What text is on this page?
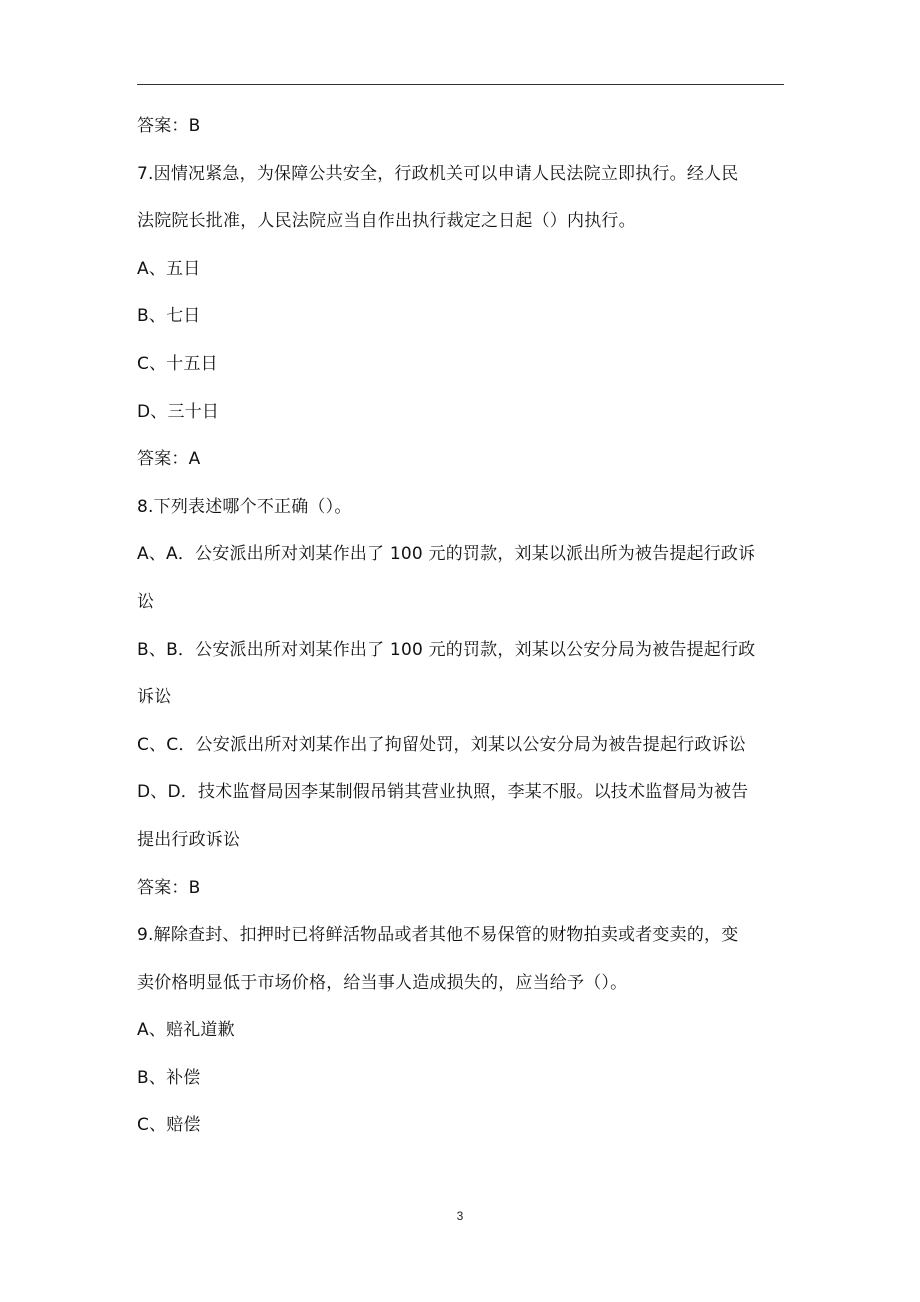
答案：B
7.因情况紧急，为保障公共安全，行政机关可以申请人民法院立即执行。经人民
法院院长批准，人民法院应当自作出执行裁定之日起（）内执行。
A、五日
B、七日
C、十五日
D、三十日
答案：A
8.下列表述哪个不正确（）。
A、A．公安派出所对刘某作出了 100 元的罚款，刘某以派出所为被告提起行政诉
讼
B、B．公安派出所对刘某作出了 100 元的罚款，刘某以公安分局为被告提起行政
诉讼
C、C．公安派出所对刘某作出了拘留处罚，刘某以公安分局为被告提起行政诉讼
D、D．技术监督局因李某制假吊销其营业执照，李某不服。以技术监督局为被告
提出行政诉讼
答案：B
9.解除查封、扣押时已将鲜活物品或者其他不易保管的财物拍卖或者变卖的，变
卖价格明显低于市场价格，给当事人造成损失的，应当给予（）。
A、赔礼道歉
B、补偿
C、赔偿
3
